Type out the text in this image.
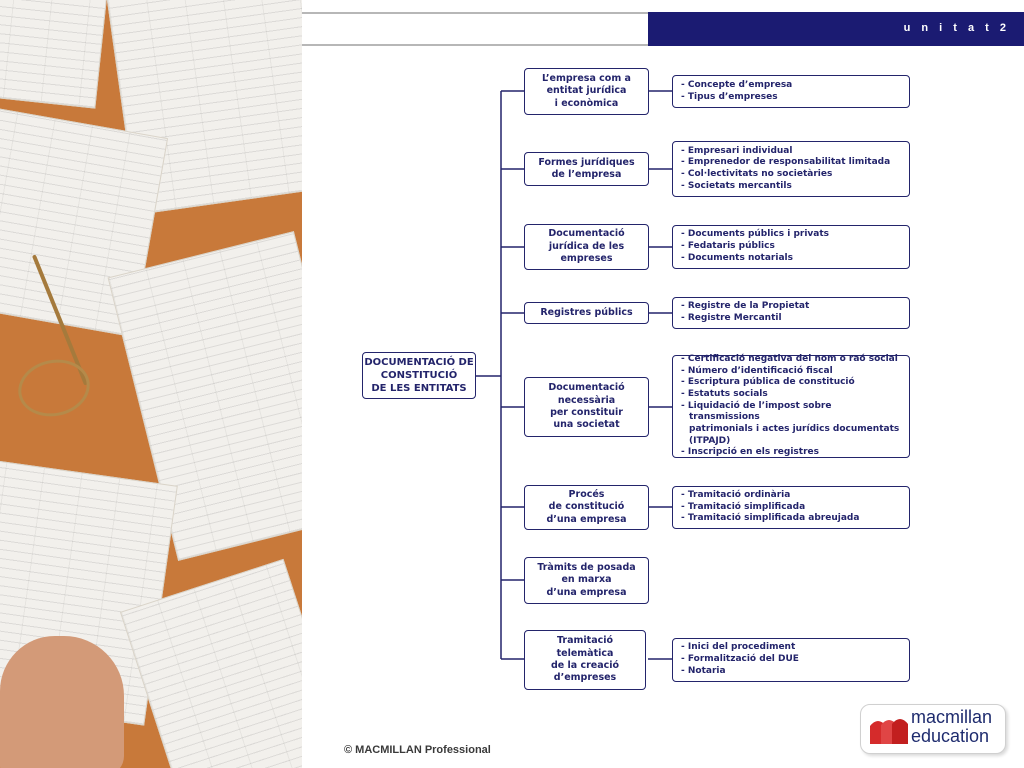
u n i t a t 2
DOCUMENTACIÓ DE
CONSTITUCIÓ
DE LES ENTITATS
L’empresa com a
entitat jurídica
i econòmica
Formes jurídiques
de l’empresa
Documentació
jurídica de les
empreses
Registres públics
Documentació
necessària
per constituir
una societat
Procés
de constitució
d’una empresa
Tràmits de posada
en marxa
d’una empresa
Tramitació
telemàtica
de la creació
d’empreses
- Concepte d’empresa
- Tipus d’empreses
- Empresari individual
- Emprenedor de responsabilitat limitada
- Col·lectivitats no societàries
- Societats mercantils
- Documents públics i privats
- Fedataris públics
- Documents notarials
- Registre de la Propietat
- Registre Mercantil
- Certificació negativa del nom o raó social
- Número d’identificació fiscal
- Escriptura pública de constitució
- Estatuts socials
- Liquidació de l’impost sobre transmissions
patrimonials i actes jurídics documentats
(ITPAJD)
- Inscripció en els registres
- Tramitació ordinària
- Tramitació simplificada
- Tramitació simplificada abreujada
- Inici del procediment
- Formalització del DUE
- Notaria
© MACMILLAN Professional
macmillan
education
